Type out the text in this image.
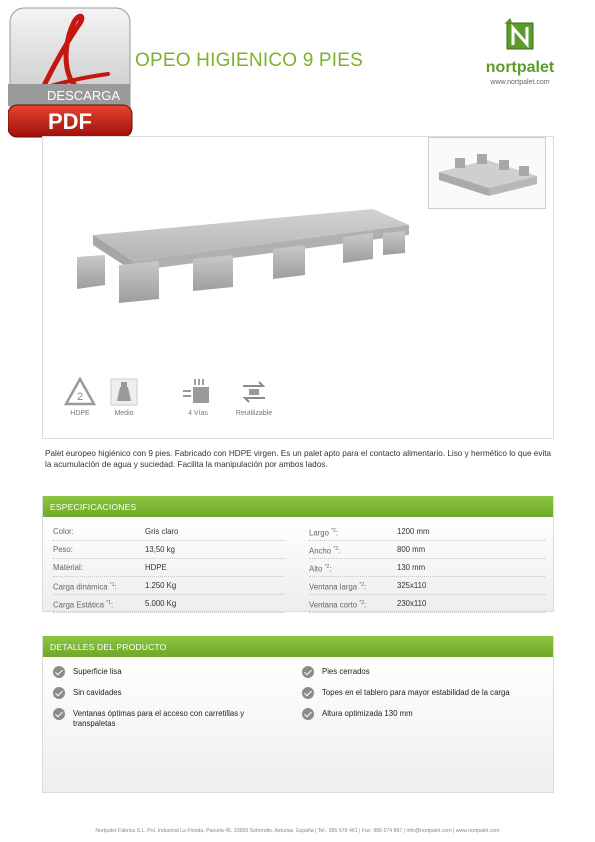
DESCARGA
PDF
OPEO HIGIENICO 9 PIES	nortpalet
www.nortpalet.com
2
HDPE	Medio	4 Vías	Reutilizable
Palet europeo higiénico con 9 pies. Fabricado con HDPE virgen. Es un palet apto para el contacto alimentario. Liso y hermético lo que evita la acumulación de agua y suciedad. Facilita la manipulación por ambos lados.
ESPECIFICACIONES
Color:	Gris claro
Peso:	13,50 kg
Material:	HDPE
Carga dinámica $^{*1}$:	1.250 Kg
Carga Estática $^{*1}$:	5.000 Kg
Largo $^{*2}$:	1200 mm
Ancho $^{*2}$:	800 mm
Alto $^{*2}$:	130 mm
Ventana larga $^{*2}$:	325x110
Ventana corto $^{*2}$:	230x110
DETALLES DEL PRODUCTO
Superficie lisa
Sin cavidades
Ventanas óptimas para el acceso con carretillas y transpaletas
Pies cerrados
Topes en el tablero para mayor estabilidad de la carga
Altura optimizada 130 mm
Nortpalet Fábrica S.L. Pol. Industrial La Florida, Parcela 45. 33950 Sotrondio, Asturias, España | Tel.: 985 678 461 | Fax: 985 674 897 | info@nortpalet.com | www.nortpalet.com
